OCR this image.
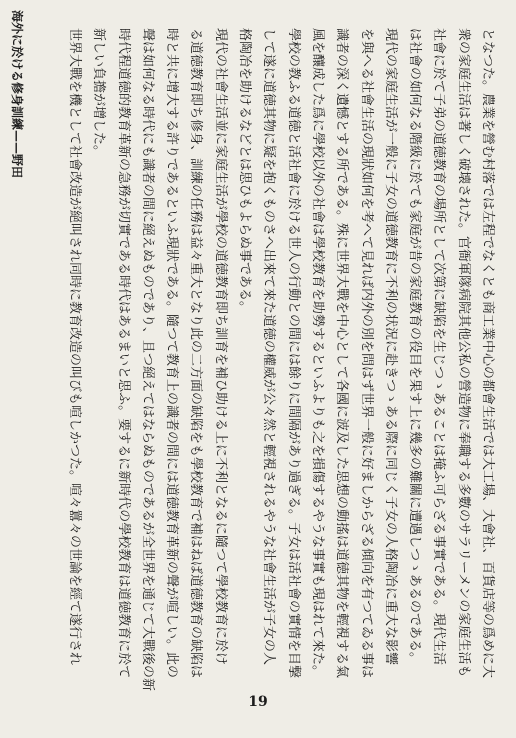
海外に於ける修身訓練——野田	となつた。農業を營む村落では左程でなくとも商工業中心の都會生活では大工場、大會社、百貨店等の爲めに大
衆の家庭生活は著しく破壊された。官衙軍隊病院其他公私の營造物に奉職する多數のサラリーメンの家庭生活も
社會に於て子弟の道徳教育の場所として次第に缺陷を生じつゝあることは掩ふ可らざる事實である。現代生活
は社會の如何なる階級に於ても家庭が昔の家庭教育の役目を果す上に幾多の難關に遭遇しつゝあるのである。
現代の家庭生活が一般に子女の道徳教育に不利の状況に赴きつゝある際に同じく子女の人格陶冶に重大な影響
を與へる社會生活の現狀如何を考へて見れば内外の別を問はず世界一般に好ましからざる傾向を有つてゐる事は
識者の深く遺憾とする所である。殊に世界大戰を中心として各國に波及した思想の動搖は道徳其物を輕視する氣
風を釀成した爲に學校以外の社會は學校教育を助勢するといふよりも之を損傷するやうな事實も現はれて來た。
學校の教ふる道徳と活社會に於ける世人の行動との間には餘りに間隔があり過ぎる。子女は活社會の實情を目撃
して遂に道徳其物に疑を抱くものさへ出來て來た道徳の權威が公々然と輕視されるやうな社會生活が子女の人
格陶冶を助けるなどとは思ひもよらぬ事である。
現代の社會生活並に家庭生活が學校の道徳教育即ち訓育を補ひ助ける上に不利となるに隨つて學校教育に於け
る道徳教育即ち修身、訓練の任務は益々重大となり此の二方面の缺陷をも學校教育で補はねば道徳教育の缺陷は
時と共に增大する許りであるといふ現狀である。隨つて教育上の識者の間には道徳教育革新の聲が喧しい。此の
聲は如何なる時代にも識者の間に絕えぬものであり、且つ絕えてはならぬものであるが全世界を通じて大戰後の新
時代程道徳的教育革新の急務が切實である時代はあるまいと思ふ。要するに新時代の學校教育は道徳教育に於て
新しい負擔が增した。
世界大戰を機として社會改造が絕叫され同時に教育改造の叫びも喧しかつた。喧々囂々の世論を經て遂行され
19
